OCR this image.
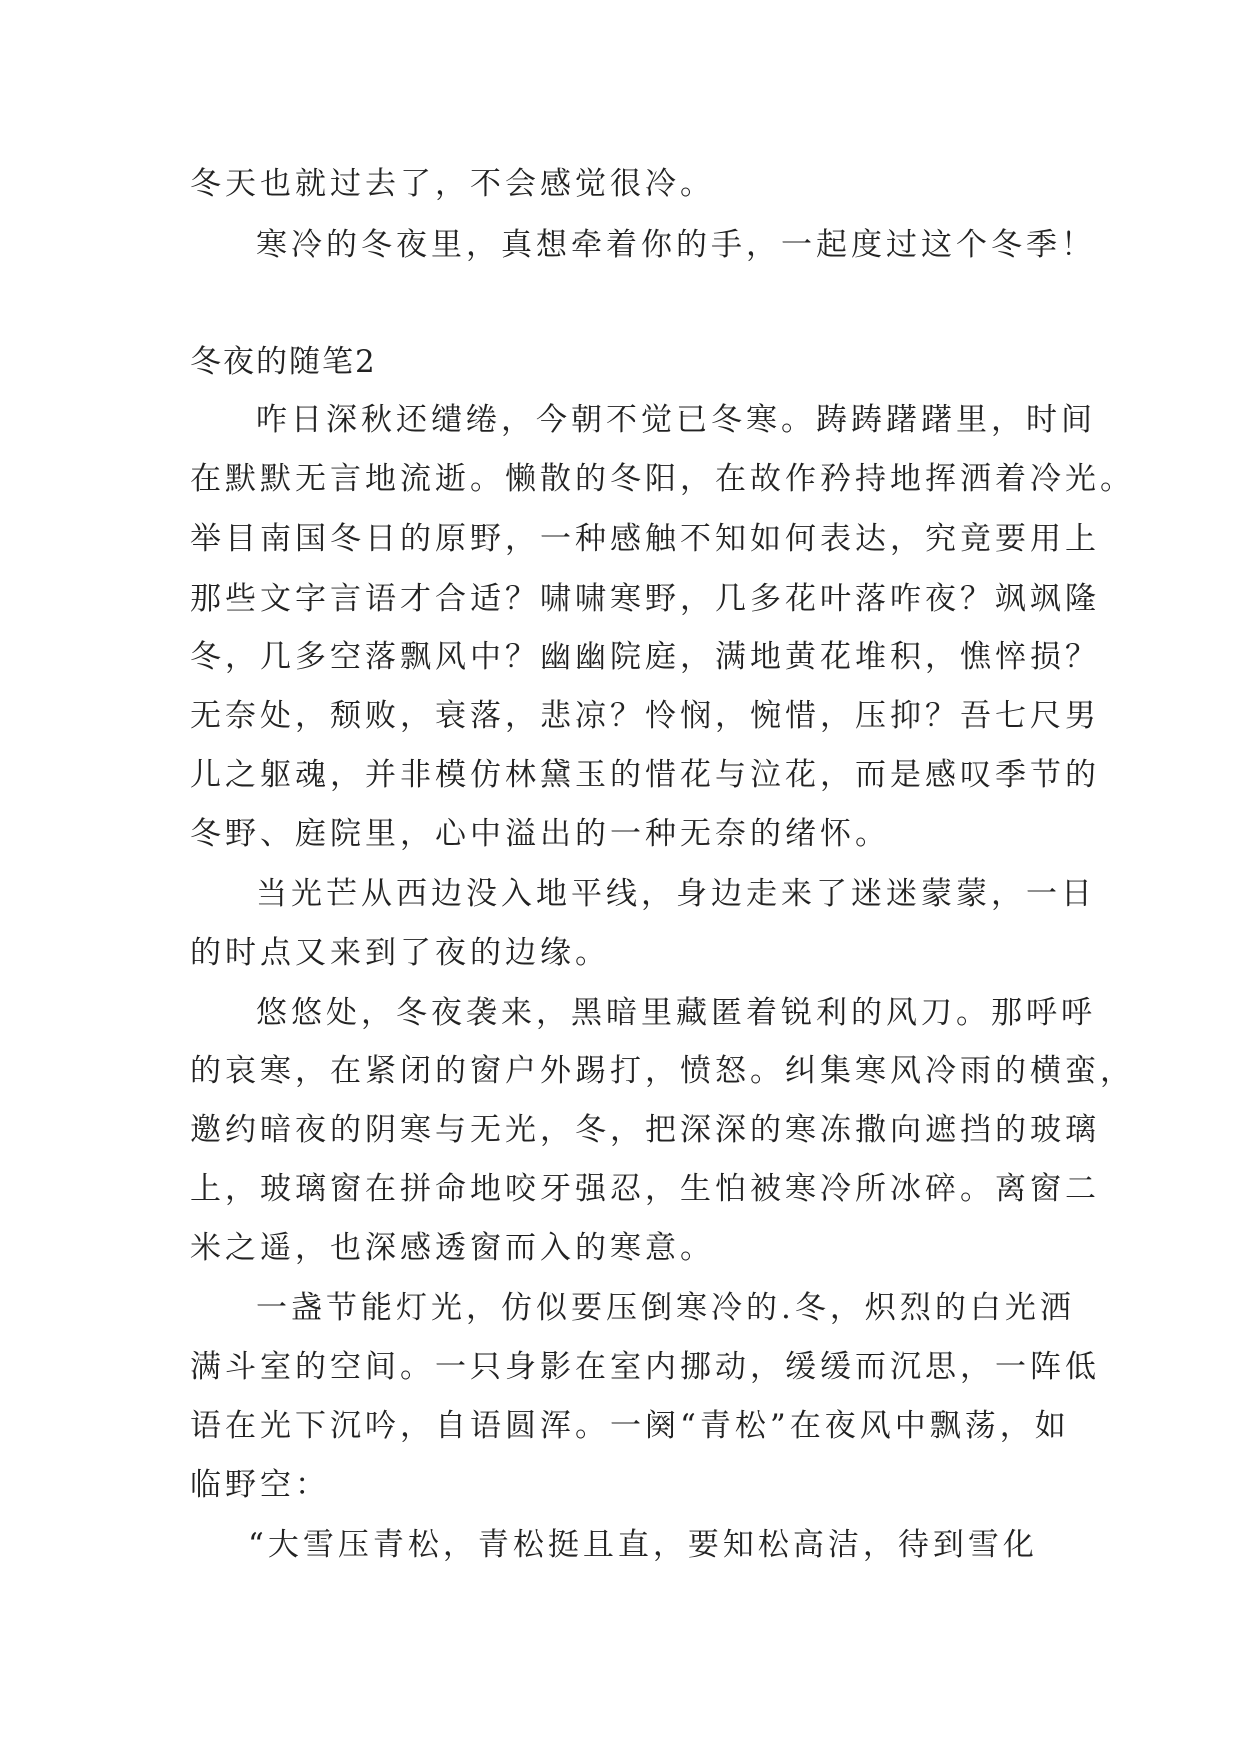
冬天也就过去了，不会感觉很冷。
寒冷的冬夜里，真想牵着你的手，一起度过这个冬季！
冬夜的随笔2
咋日深秋还缱绻，今朝不觉已冬寒。踌踌躇躇里，时间
在默默无言地流逝。懒散的冬阳，在故作矜持地挥洒着冷光。
举目南国冬日的原野，一种感触不知如何表达，究竟要用上
那些文字言语才合适？啸啸寒野，几多花叶落咋夜？飒飒隆
冬，几多空落飘风中？幽幽院庭，满地黄花堆积，憔悴损？
无奈处，颓败，衰落，悲凉？怜悯，惋惜，压抑？吾七尺男
儿之躯魂，并非模仿林黛玉的惜花与泣花，而是感叹季节的
冬野、庭院里，心中溢出的一种无奈的绪怀。
当光芒从西边没入地平线，身边走来了迷迷蒙蒙，一日
的时点又来到了夜的边缘。
悠悠处，冬夜袭来，黑暗里藏匿着锐利的风刀。那呼呼
的哀寒，在紧闭的窗户外踢打，愤怒。纠集寒风冷雨的横蛮，
邀约暗夜的阴寒与无光，冬，把深深的寒冻撒向遮挡的玻璃
上，玻璃窗在拼命地咬牙强忍，生怕被寒冷所冰碎。离窗二
米之遥，也深感透窗而入的寒意。
一盏节能灯光，仿似要压倒寒冷的.冬，炽烈的白光洒
满斗室的空间。一只身影在室内挪动，缓缓而沉思，一阵低
语在光下沉吟，自语圆浑。一阕“青松”在夜风中飘荡，如
临野空：
“大雪压青松，青松挺且直，要知松高洁，待到雪化
